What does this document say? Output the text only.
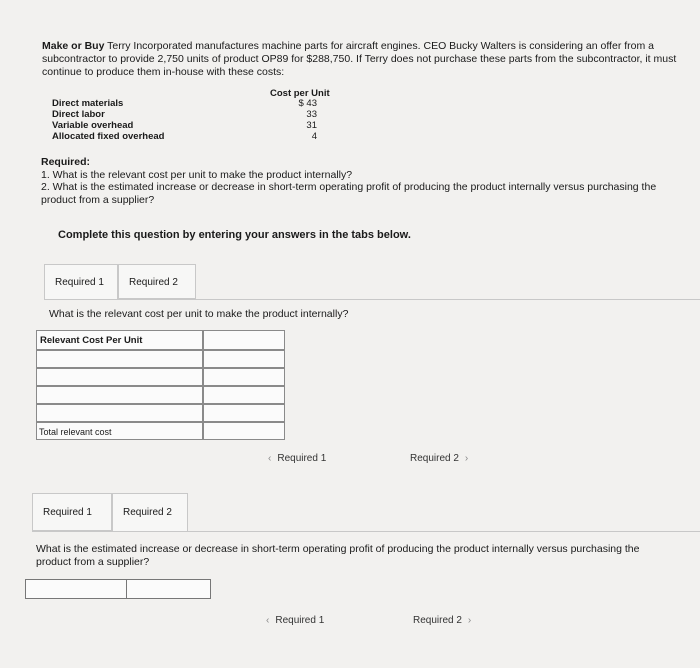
Make or Buy Terry Incorporated manufactures machine parts for aircraft engines. CEO Bucky Walters is considering an offer from a subcontractor to provide 2,750 units of product OP89 for $288,750. If Terry does not purchase these parts from the subcontractor, it must continue to produce them in-house with these costs:
Cost per Unit
Direct materials	$ 43
Direct labor	33
Variable overhead	31
Allocated fixed overhead	4
Required:
1. What is the relevant cost per unit to make the product internally?
2. What is the estimated increase or decrease in short-term operating profit of producing the product internally versus purchasing the product from a supplier?
Complete this question by entering your answers in the tabs below.
Required 1	Required 2
What is the relevant cost per unit to make the product internally?
Relevant Cost Per Unit
Total relevant cost
‹ Required 1	Required 2 ›
Required 1	Required 2
What is the estimated increase or decrease in short-term operating profit of producing the product internally versus purchasing the product from a supplier?
‹ Required 1	Required 2 ›
